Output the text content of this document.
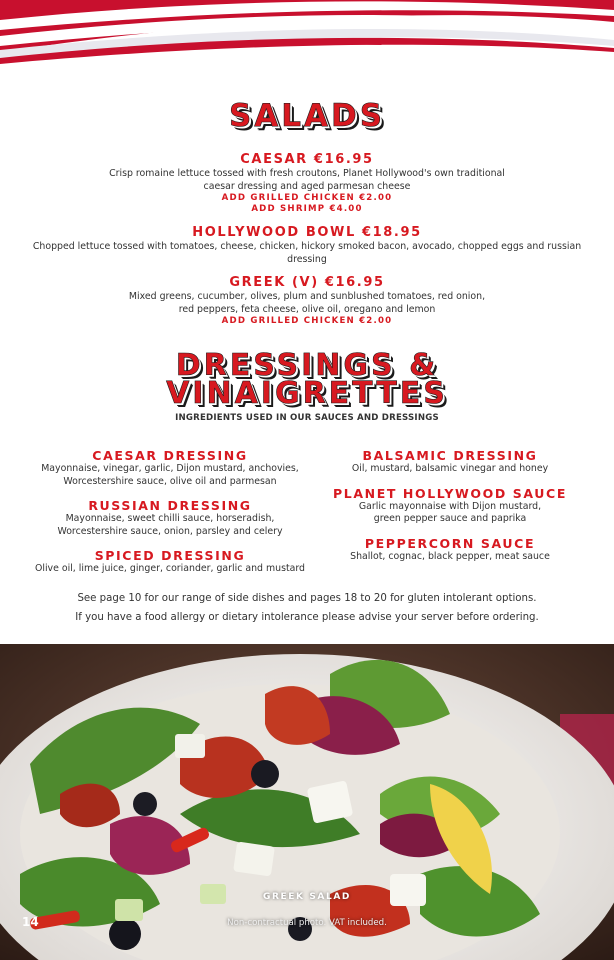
SALADS
CAESAR €16.95
Crisp romaine lettuce tossed with fresh croutons, Planet Hollywood's own traditional
caesar dressing and aged parmesan cheese
ADD GRILLED CHICKEN €2.00
ADD SHRIMP €4.00
HOLLYWOOD BOWL €18.95
Chopped lettuce tossed with tomatoes, cheese, chicken, hickory smoked bacon, avocado, chopped eggs and russian
dressing
GREEK (V) €16.95
Mixed greens, cucumber, olives, plum and sunblushed tomatoes, red onion,
red peppers, feta cheese, olive oil, oregano and lemon
ADD GRILLED CHICKEN €2.00
DRESSINGS &
VINAIGRETTES
INGREDIENTS USED IN OUR SAUCES AND DRESSINGS
CAESAR DRESSING
Mayonnaise, vinegar, garlic, Dijon mustard, anchovies,
Worcestershire sauce, olive oil and parmesan
RUSSIAN DRESSING
Mayonnaise, sweet chilli sauce, horseradish,
Worcestershire sauce, onion, parsley and celery
SPICED DRESSING
Olive oil, lime juice, ginger, coriander, garlic and mustard
BALSAMIC DRESSING
Oil, mustard, balsamic vinegar and honey
PLANET HOLLYWOOD SAUCE
Garlic mayonnaise with Dijon mustard,
green pepper sauce and paprika
PEPPERCORN SAUCE
Shallot, cognac, black pepper, meat sauce
See page 10 for our range of side dishes and pages 18 to 20 for gluten intolerant options.
If you have a food allergy or dietary intolerance please advise your server before ordering.
GREEK SALAD
Non-contractual photo. VAT included.
14
